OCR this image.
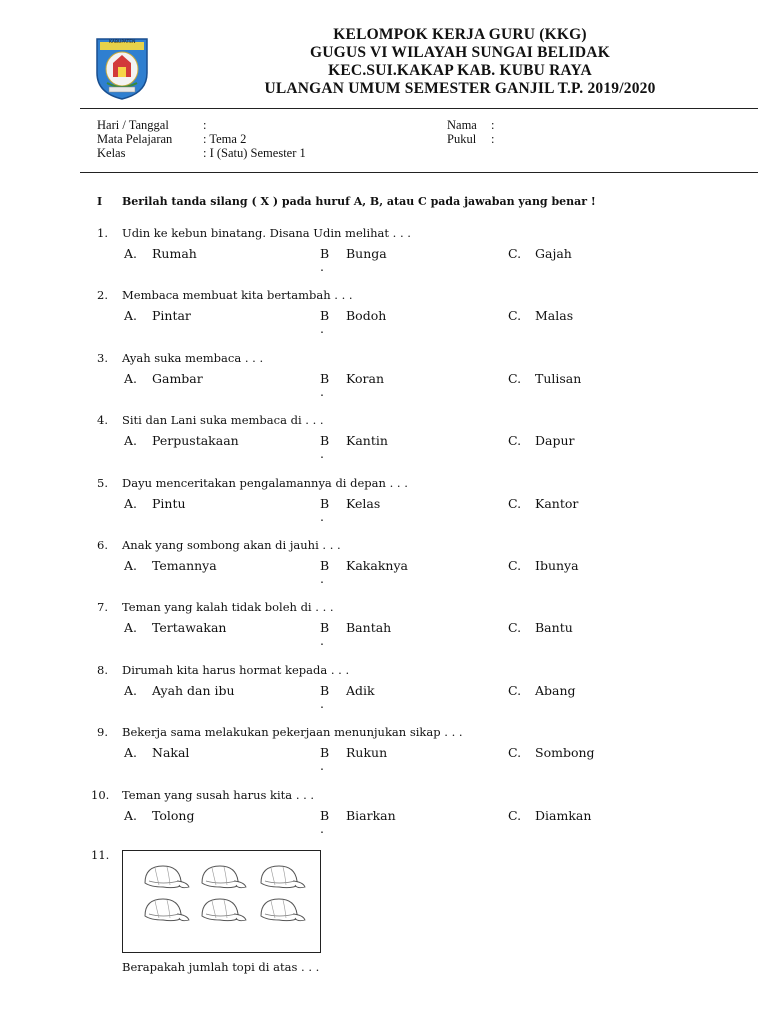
KABUPATEN	KELOMPOK KERJA GURU (KKG)
GUGUS VI WILAYAH SUNGAI BELIDAK
KEC.SUI.KAKAP KAB. KUBU RAYA
ULANGAN UMUM SEMESTER GANJIL T.P. 2019/2020
Hari / Tanggal	:
Mata Pelajaran : Tema 2
Kelas	: I (Satu) Semester 1
Nama :
Pukul :
I Berilah tanda silang ( X ) pada huruf A, B, atau C pada jawaban yang benar !
1. Udin ke kebun binatang. Disana Udin melihat . . .
A. Rumah	B
.
Bunga	C. Gajah
2. Membaca membuat kita bertambah . . .
A. Pintar	B
.
Bodoh	C. Malas
3. Ayah suka membaca . . .
A. Gambar	B
.
Koran	C. Tulisan
4. Siti dan Lani suka membaca di . . .
A. Perpustakaan	B
.
Kantin	C. Dapur
5. Dayu menceritakan pengalamannya di depan . . .
A. Pintu	B
.
Kelas	C. Kantor
6. Anak yang sombong akan di jauhi . . .
A. Temannya	B
.
Kakaknya	C. Ibunya
7. Teman yang kalah tidak boleh di . . .
A. Tertawakan	B
.
Bantah	C. Bantu
8. Dirumah kita harus hormat kepada . . .
A. Ayah dan ibu	B
.
Adik	C. Abang
9. Bekerja sama melakukan pekerjaan menunjukan sikap . . .
A. Nakal	B
.
Rukun	C. Sombong
10. Teman yang susah harus kita . . .
A. Tolong	B
.
Biarkan	C. Diamkan
11.
Berapakah jumlah topi di atas . . .
